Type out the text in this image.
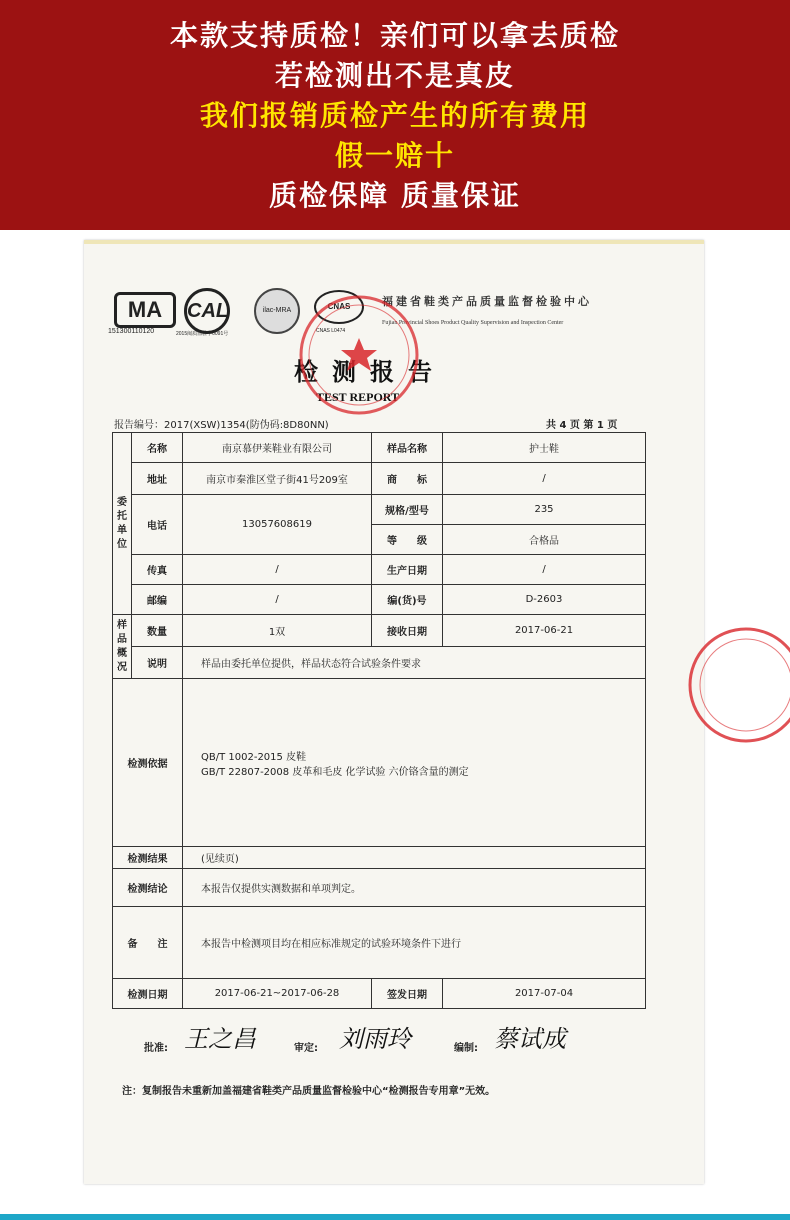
本款支持质检！亲们可以拿去质检
若检测出不是真皮
我们报销质检产生的所有费用
假一赔十
质检保障 质量保证
MA
151300110120
CAL
2015闽质监验字0091号
ilac-MRA	CNAS
CNAS L0474
福建省鞋类产品质量监督检验中心
Fujian Provincial Shoes Product Quality Supervision and Inspection Center
检测报告
TEST REPORT
报告编号：2017(XSW)1354(防伪码:8D80NN)	共 4 页 第 1 页
委托单位	名称	南京慕伊莱鞋业有限公司	样品名称	护士鞋
	地址	南京市秦淮区堂子街41号209室	商　　标	/
	电话	13057608619	规格/型号	235
			等　　级	合格品
	传真	/	生产日期	/
	邮编	/	编(货)号	D-2603
样品概况	数量	1双	接收日期	2017-06-21
	说明	样品由委托单位提供，样品状态符合试验条件要求		
检测依据		QB/T 1002-2015 皮鞋
GB/T 22807-2008 皮革和毛皮 化学试验 六价铬含量的测定		

检测结果		(见续页)		
检测结论		本报告仅提供实测数据和单项判定。		
备　　注		本报告中检测项目均在相应标准规定的试验环境条件下进行		
检测日期		2017-06-21~2017-06-28	签发日期	2017-07-04
批准: 王之昌	审定: 刘雨玲	编制: 蔡试成
注：复制报告未重新加盖福建省鞋类产品质量监督检验中心“检测报告专用章”无效。
